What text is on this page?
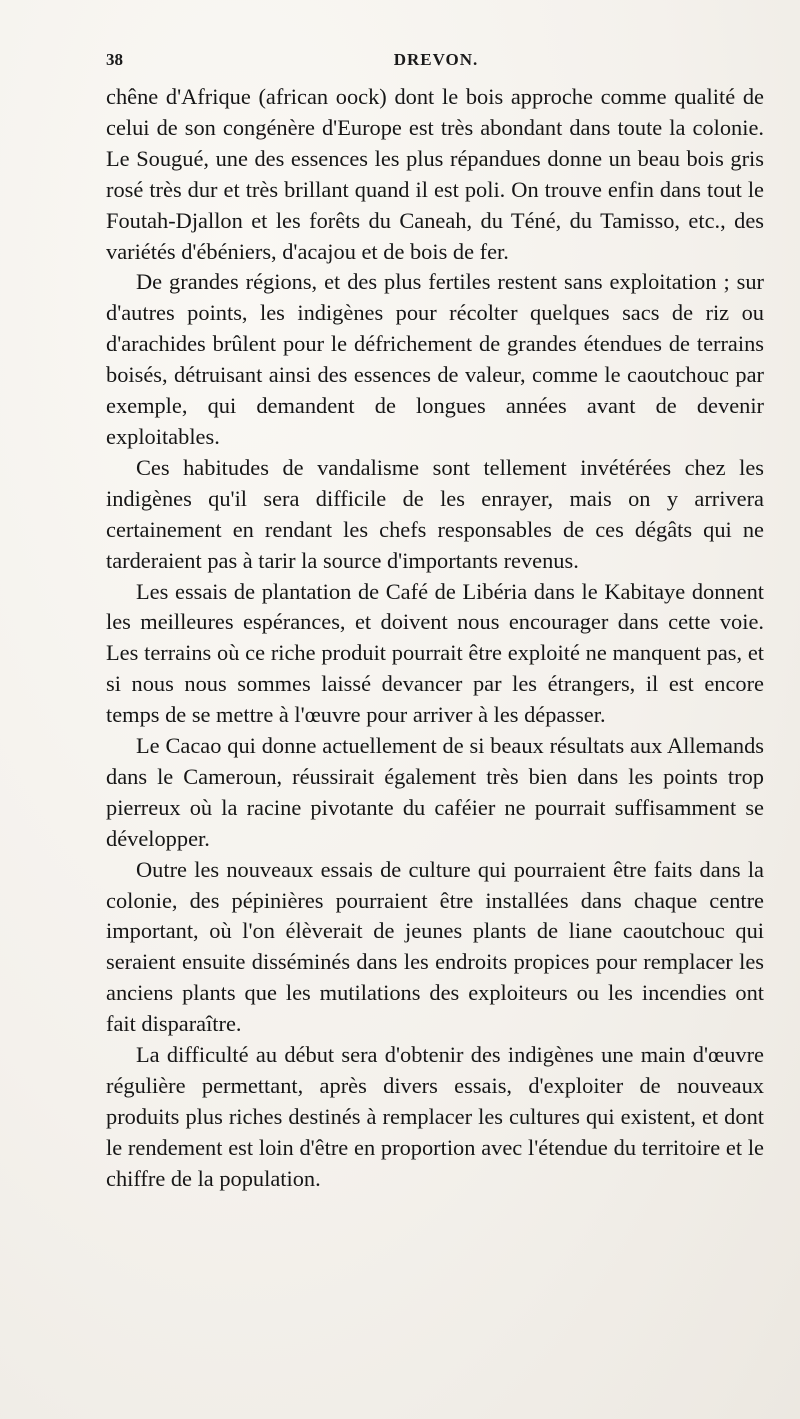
38	DREVON.

chêne d'Afrique (african oock) dont le bois approche comme qualité de celui de son congénère d'Europe est très abondant dans toute la colonie. Le Sougué, une des essences les plus répandues donne un beau bois gris rosé très dur et très brillant quand il est poli. On trouve enfin dans tout le Foutah-Djallon et les forêts du Caneah, du Téné, du Tamisso, etc., des variétés d'ébéniers, d'acajou et de bois de fer.

De grandes régions, et des plus fertiles restent sans exploitation ; sur d'autres points, les indigènes pour récolter quelques sacs de riz ou d'arachides brûlent pour le défrichement de grandes étendues de terrains boisés, détruisant ainsi des essences de valeur, comme le caoutchouc par exemple, qui demandent de longues années avant de devenir exploitables.

Ces habitudes de vandalisme sont tellement invétérées chez les indigènes qu'il sera difficile de les enrayer, mais on y arrivera certainement en rendant les chefs responsables de ces dégâts qui ne tarderaient pas à tarir la source d'importants revenus.

Les essais de plantation de Café de Libéria dans le Kabitaye donnent les meilleures espérances, et doivent nous encourager dans cette voie. Les terrains où ce riche produit pourrait être exploité ne manquent pas, et si nous nous sommes laissé devancer par les étrangers, il est encore temps de se mettre à l'œuvre pour arriver à les dépasser.

Le Cacao qui donne actuellement de si beaux résultats aux Allemands dans le Cameroun, réussirait également très bien dans les points trop pierreux où la racine pivotante du caféier ne pourrait suffisamment se développer.

Outre les nouveaux essais de culture qui pourraient être faits dans la colonie, des pépinières pourraient être installées dans chaque centre important, où l'on élèverait de jeunes plants de liane caoutchouc qui seraient ensuite disséminés dans les endroits propices pour remplacer les anciens plants que les mutilations des exploiteurs ou les incendies ont fait disparaître.

La difficulté au début sera d'obtenir des indigènes une main d'œuvre régulière permettant, après divers essais, d'exploiter de nouveaux produits plus riches destinés à remplacer les cultures qui existent, et dont le rendement est loin d'être en proportion avec l'étendue du territoire et le chiffre de la population.
